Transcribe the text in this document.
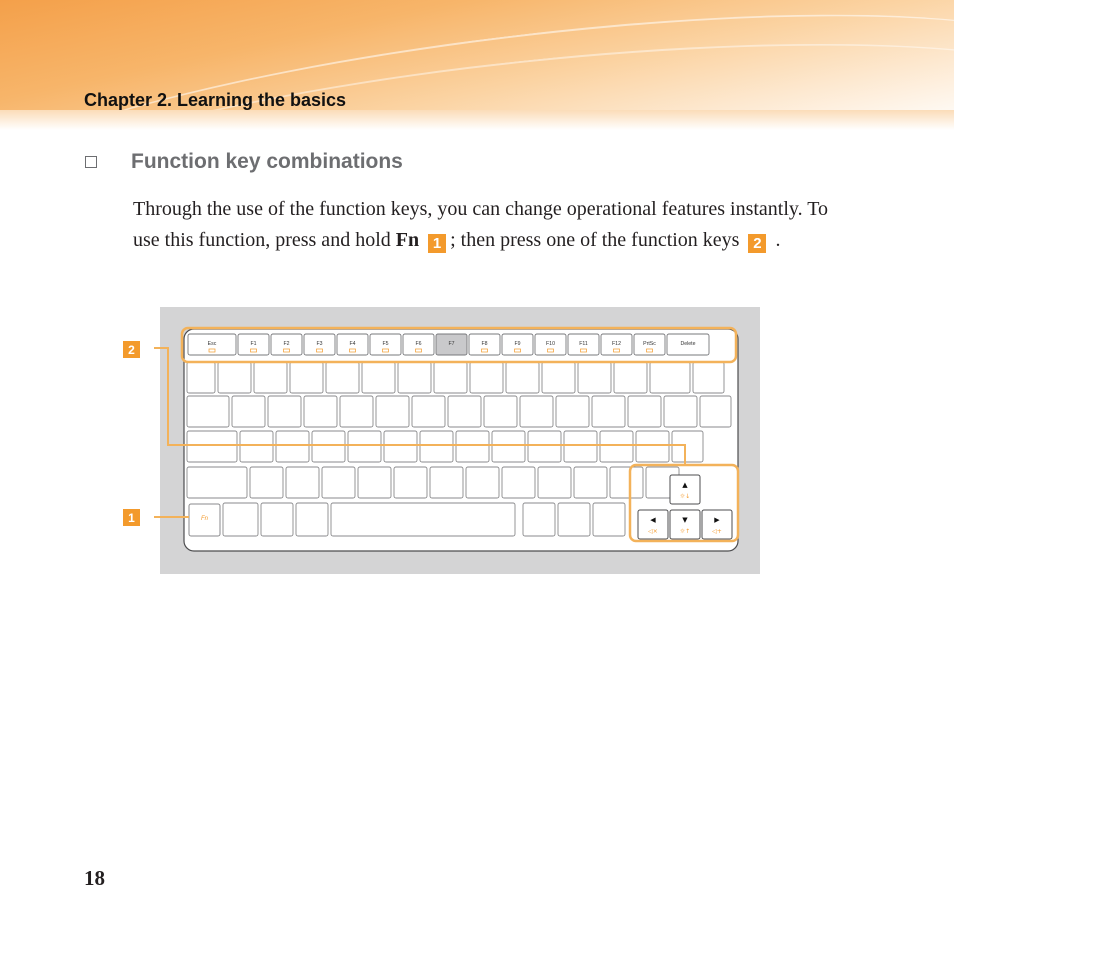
Chapter 2. Learning the basics
Function key combinations
Through the use of the function keys, you can change operational features instantly. To use this function, press and hold Fn 1 ; then press one of the function keys 2 .
Esc	F1	F2	F3	F4	F5	F6	F7	F8	F9	F10	F11	F12	PrtSc	Delete
▲
☼↓
◀
◁×
▼
☼↑
▶
◁+
Fn
2
1
18
